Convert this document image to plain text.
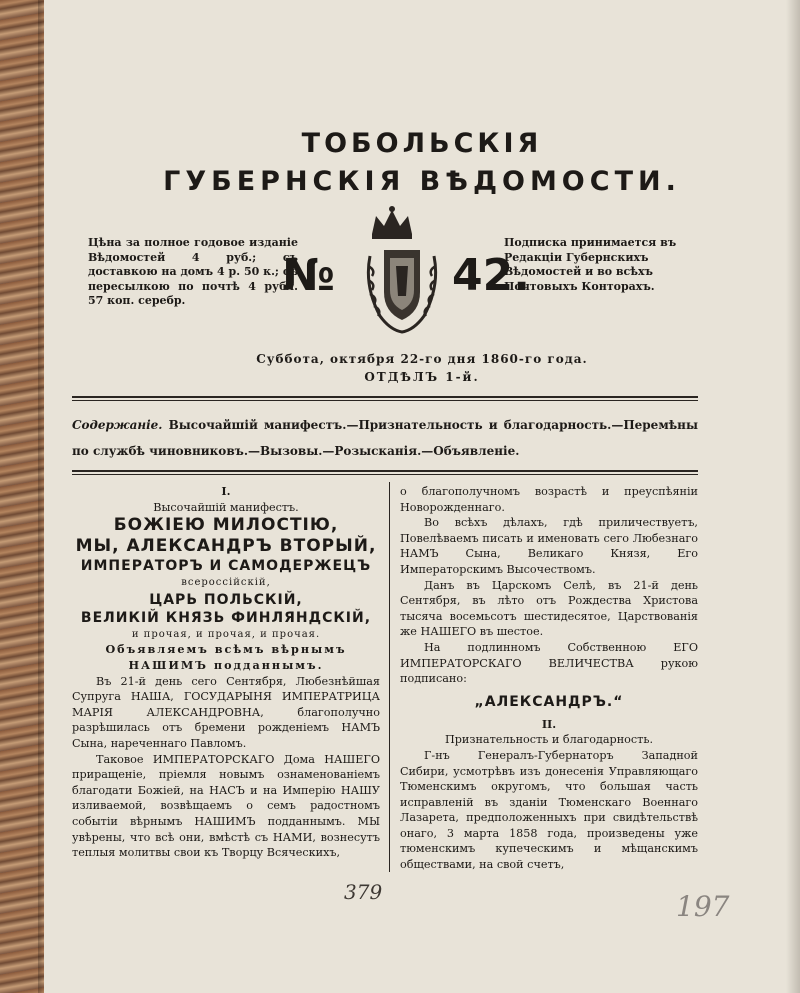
ТОБОЛЬСКIЯ
ГУБЕРНСКIЯ ВѢДОМОСТИ.
Цѣна за полное годовое изданiе Вѣдомостей 4 руб.; съ доставкою на домъ 4 р. 50 к.; съ пересылкою по почтѣ 4 рубл. 57 коп. серебр.	№	42.
Подписка принимается въ Редакцiи Губернскихъ Вѣдомостей и во всѣхъ Почтовыхъ Конторахъ.
Суббота, октября 22-го дня 1860-го года.
ОТДѢЛЪ 1-й.
Содержанiе. Высочайшiй манифестъ.—Признательность и благодарность.—Перемѣны по службѣ чиновниковъ.—Вызовы.—Розысканiя.—Объявленiе.
I.
Высочайшiй манифестъ.
БОЖIЕЮ МИЛОСТIЮ,
МЫ, АЛЕКСАНДРЪ ВТОРЫЙ,
ИМПЕРАТОРЪ И САМОДЕРЖЕЦЪ
всероссiйскiй,
ЦАРЬ ПОЛЬСКIЙ,
ВЕЛИКIЙ КНЯЗЬ ФИНЛЯНДСКIЙ,
и прочая, и прочая, и прочая.
Объявляемъ всѣмъ вѣрнымъ НАШИМЪ подданнымъ.

Въ 21-й день сего Сентября, Любезнѣйшая Супруга НАША, ГОСУДАРЫНЯ ИМПЕРАТРИЦА МАРIЯ АЛЕКСАНДРОВНА, благополучно разрѣшилась отъ бремени рожденiемъ НАМЪ Сына, нареченнаго Павломъ.

Таковое ИМПЕРАТОРСКАГО Дома НАШЕГО приращенiе, прiемля новымъ ознаменованiемъ благодати Божiей, на НАСЪ и на Имперiю НАШУ изливаемой, возвѣщаемъ о семъ радостномъ событiи вѣрнымъ НАШИМЪ подданнымъ. МЫ увѣрены, что всѣ они, вмѣстѣ съ НАМИ, вознесутъ теплыя молитвы свои къ Творцу Всяческихъ,

о благополучномъ возрастѣ и преуспѣянiи Новорожденнаго.

Во всѣхъ дѣлахъ, гдѣ приличествуетъ, Повелѣваемъ писать и именовать сего Любезнаго НАМЪ Сына, Великаго Князя, Его Императорскимъ Высочествомъ.

Данъ въ Царскомъ Селѣ, въ 21-й день Сентября, въ лѣто отъ Рождества Христова тысяча восемьсотъ шестидесятое, Царствованiя же НАШЕГО въ шестое.

На подлинномъ Собственною ЕГО ИМПЕРАТОРСКАГО ВЕЛИЧЕСТВА рукою подписано:

„АЛЕКСАНДРЪ.“
II.
Признательность и благодарность.

Г-нъ Генералъ-Губернаторъ Западной Сибири, усмотрѣвъ изъ донесенiя Управляющаго Тюменскимъ округомъ, что большая часть исправленiй въ зданiи Тюменскаго Военнаго Лазарета, предположенныхъ при свидѣтельствѣ онаго, 3 марта 1858 года, произведены уже тюменскимъ купеческимъ и мѣщанскимъ обществами, на свой счетъ,

379	197
